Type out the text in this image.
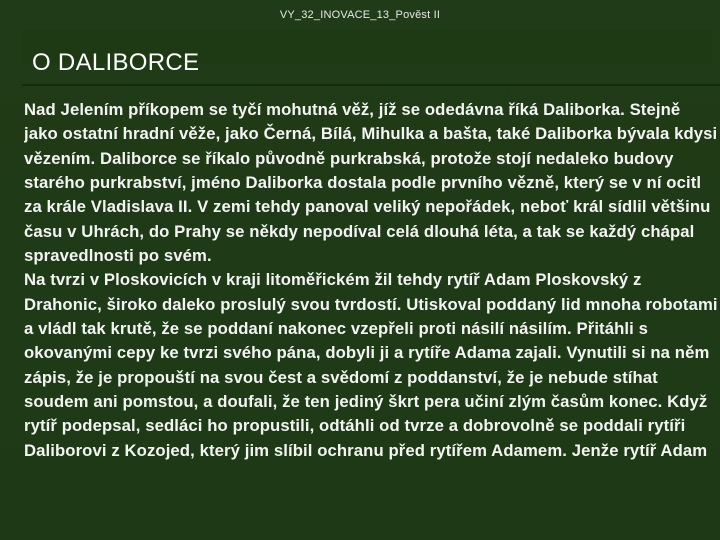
VY_32_INOVACE_13_Pověst II
O DALIBORCE

Nad Jelením příkopem se tyčí mohutná věž, jíž se odedávna říká Daliborka. Stejně jako ostatní hradní věže, jako Černá, Bílá, Mihulka a bašta, také Daliborka bývala kdysi vězením. Daliborce se říkalo původně purkrabská, protože stojí nedaleko budovy starého purkrabství, jméno Daliborka dostala podle prvního vězně, který se v ní ocitl za krále Vladislava II. V zemi tehdy panoval veliký nepořádek, neboť král sídlil většinu času v Uhrách, do Prahy se někdy nepodíval celá dlouhá léta, a tak se každý chápal spravedlnosti po svém.

Na tvrzi v Ploskovicích v kraji litoměřickém žil tehdy rytíř Adam Ploskovský z Drahonic, široko daleko proslulý svou tvrdostí. Utiskoval poddaný lid mnoha robotami a vládl tak krutě, že se poddaní nakonec vzepřeli proti násilí násilím. Přitáhli s okovanými cepy ke tvrzi svého pána, dobyli ji a rytíře Adama zajali. Vynutili si na něm zápis, že je propouští na svou čest a svědomí z poddanství, že je nebude stíhat soudem ani pomstou, a doufali, že ten jediný škrt pera učiní zlým časům konec. Když rytíř podepsal, sedláci ho propustili, odtáhli od tvrze a dobrovolně se poddali rytíři Daliborovi z Kozojed, který jim slíbil ochranu před rytířem Adamem. Jenže rytíř Adam
